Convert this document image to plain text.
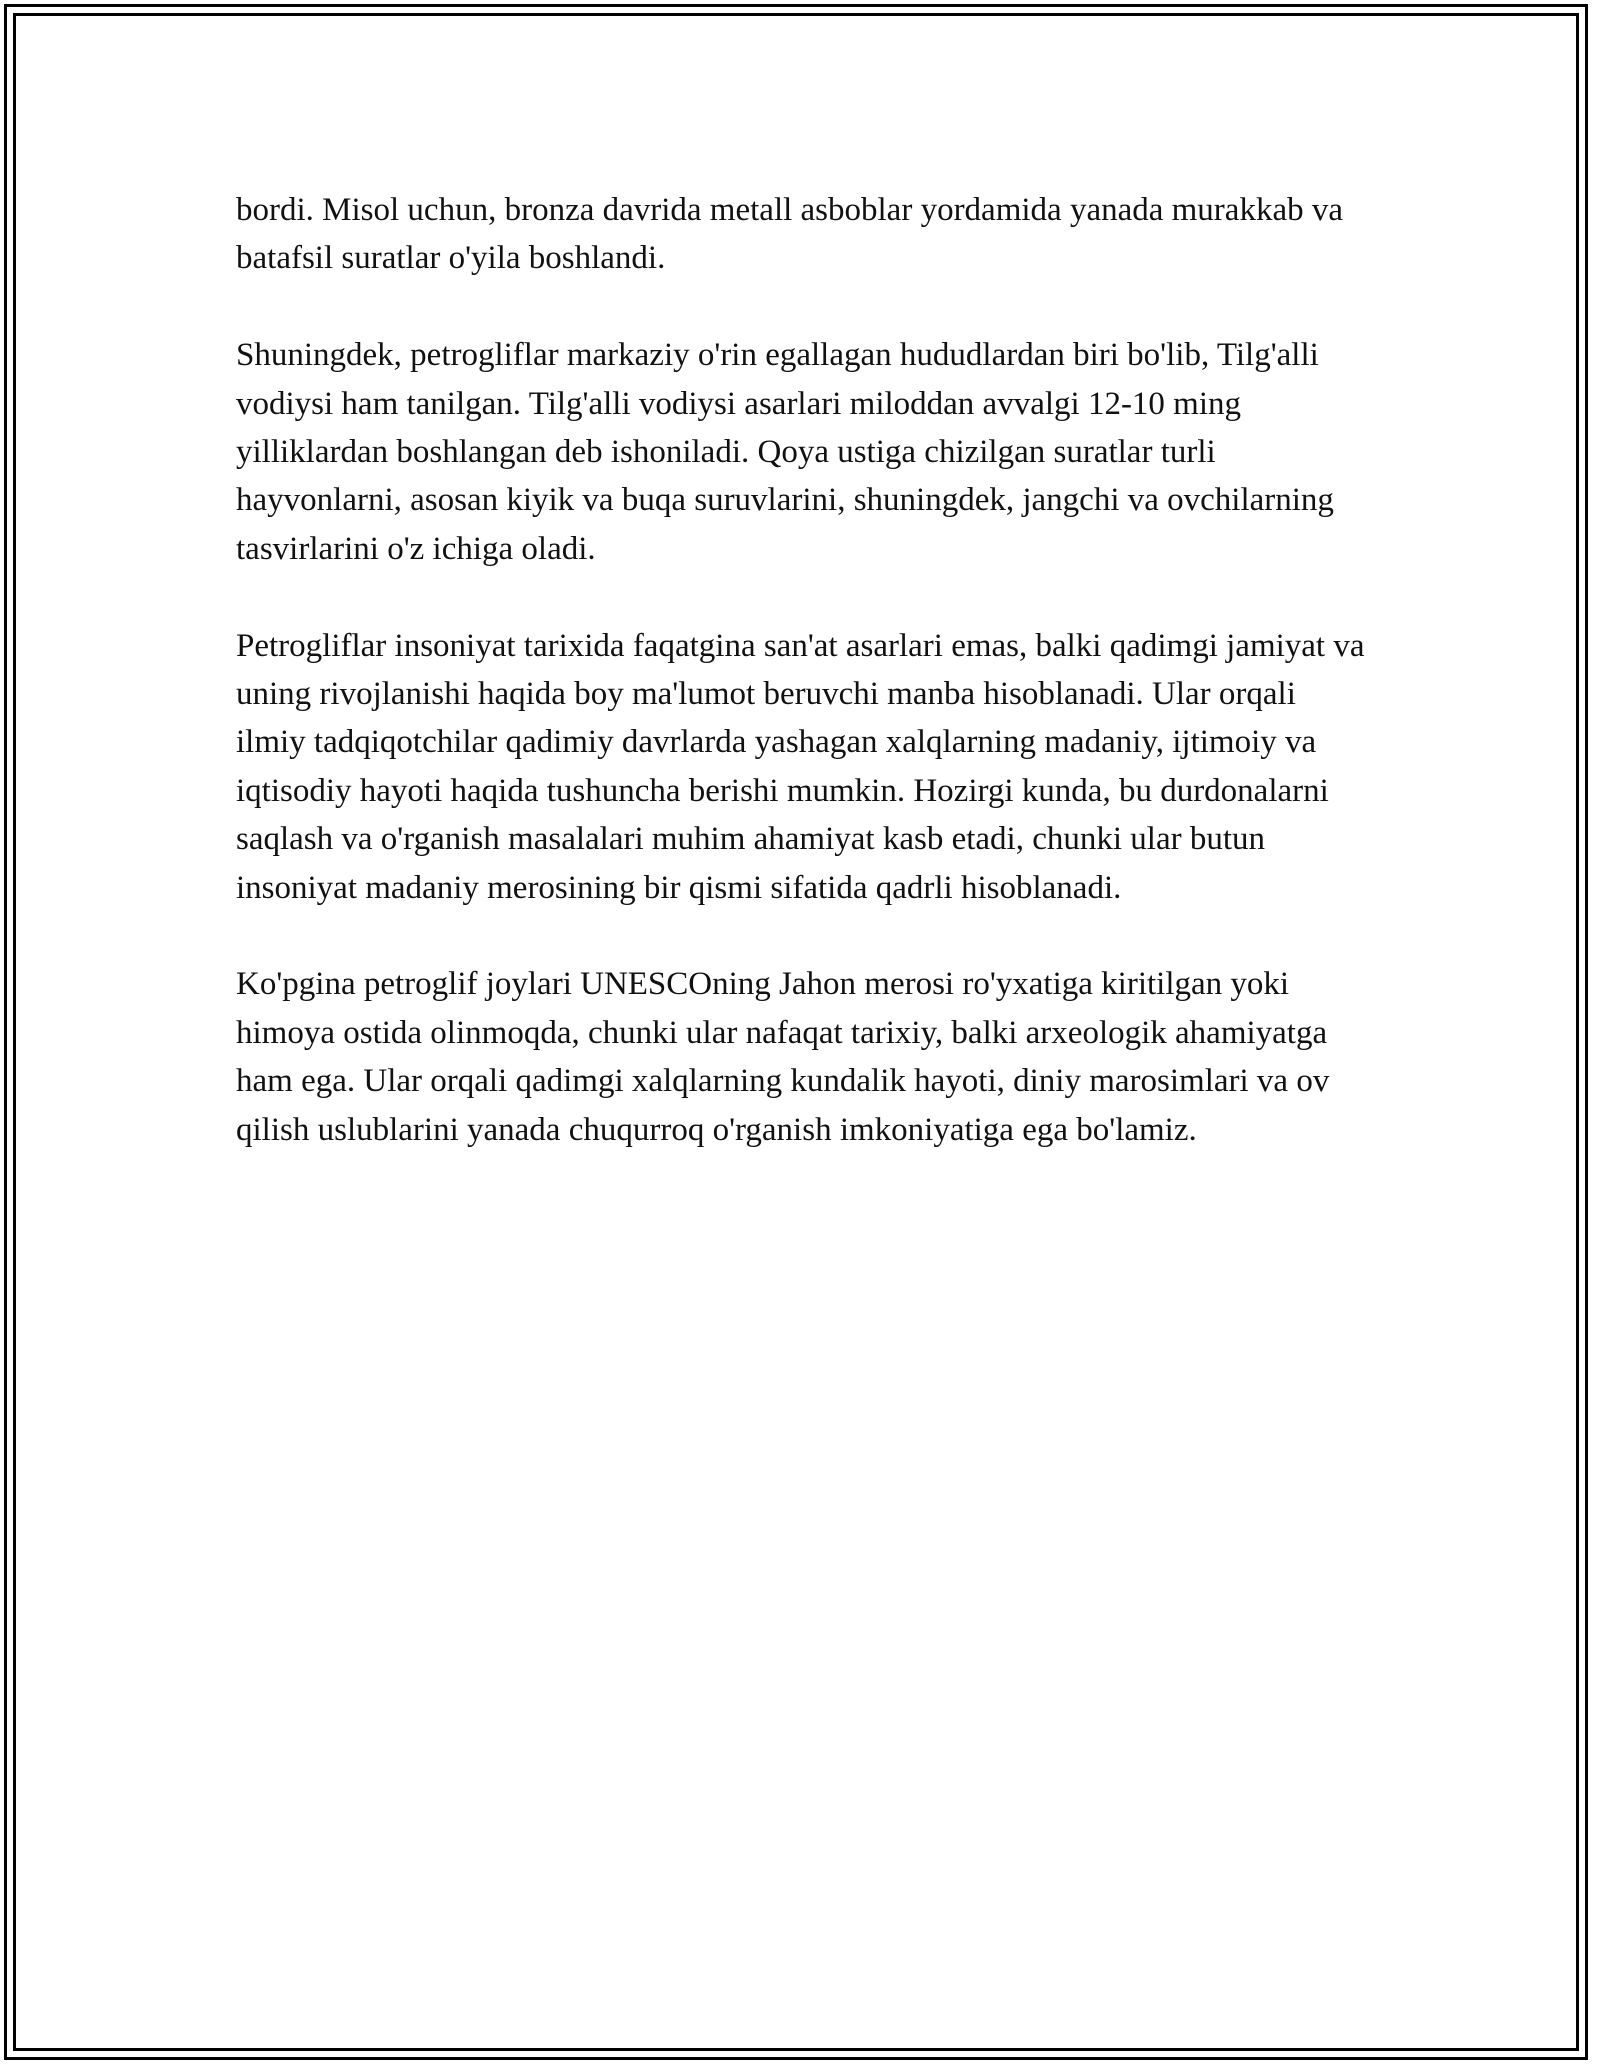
bordi. Misol uchun, bronza davrida metall asboblar yordamida yanada murakkab va batafsil suratlar o'yila boshlandi.

Shuningdek, petrogliflar markaziy o'rin egallagan hududlardan biri bo'lib, Tilg'alli vodiysi ham tanilgan. Tilg'alli vodiysi asarlari miloddan avvalgi 12-10 ming yilliklardan boshlangan deb ishoniladi. Qoya ustiga chizilgan suratlar turli hayvonlarni, asosan kiyik va buqa suruvlarini, shuningdek, jangchi va ovchilarning tasvirlarini o'z ichiga oladi.

Petrogliflar insoniyat tarixida faqatgina san'at asarlari emas, balki qadimgi jamiyat va uning rivojlanishi haqida boy ma'lumot beruvchi manba hisoblanadi. Ular orqali ilmiy tadqiqotchilar qadimiy davrlarda yashagan xalqlarning madaniy, ijtimoiy va iqtisodiy hayoti haqida tushuncha berishi mumkin. Hozirgi kunda, bu durdonalarni saqlash va o'rganish masalalari muhim ahamiyat kasb etadi, chunki ular butun insoniyat madaniy merosining bir qismi sifatida qadrli hisoblanadi.

Ko'pgina petroglif joylari UNESCOning Jahon merosi ro'yxatiga kiritilgan yoki himoya ostida olinmoqda, chunki ular nafaqat tarixiy, balki arxeologik ahamiyatga ham ega. Ular orqali qadimgi xalqlarning kundalik hayoti, diniy marosimlari va ov qilish uslublarini yanada chuqurroq o'rganish imkoniyatiga ega bo'lamiz.
